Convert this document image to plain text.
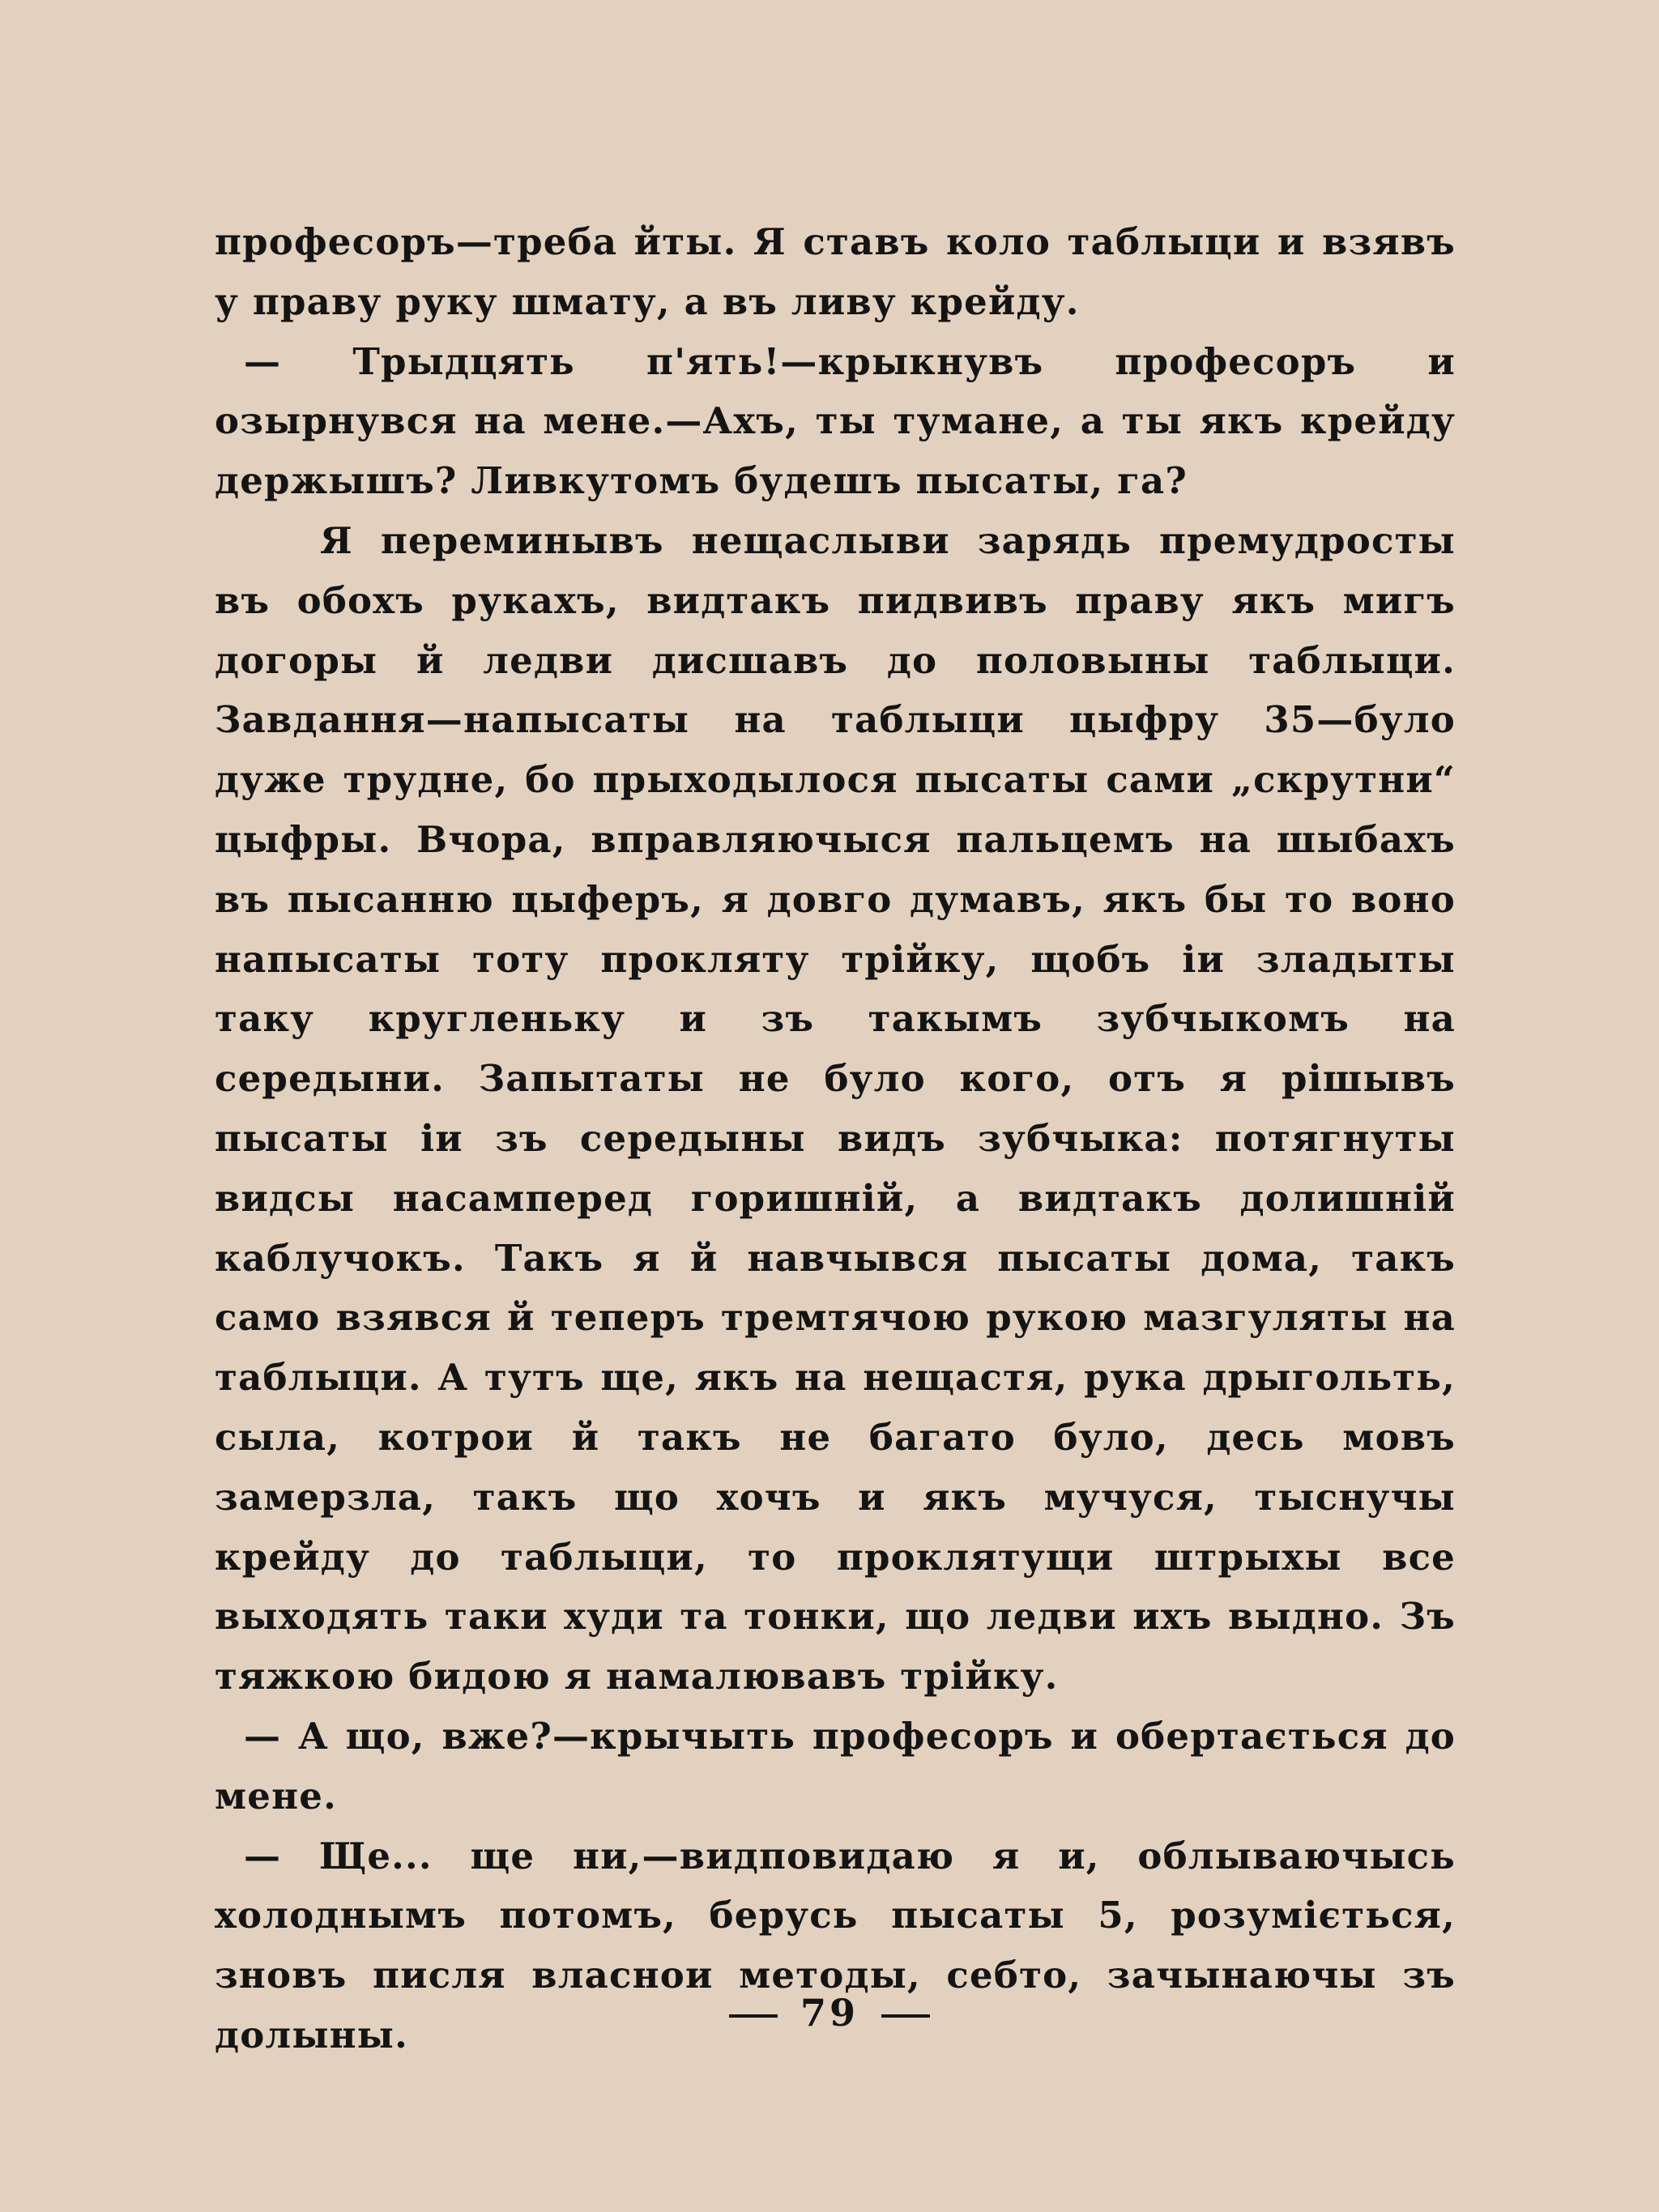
професоръ—треба йты. Я ставъ коло таблыци и взявъ у праву руку шмату, а въ ливу крейду.

— Трыдцять п'ять!—крыкнувъ професоръ и озырнувся на мене.—Ахъ, ты тумане, а ты якъ крейду держышъ? Ливкутомъ будешъ пысаты, га?

Я переминывъ нещаслыви зарядь премудросты въ обохъ рукахъ, видтакъ пидвивъ праву якъ мигъ догоры й ледви дисшавъ до половыны таблыци. Завдання—напысаты на таблыци цыфру 35—було дуже трудне, бо прыходылося пысаты сами „скрутни“ цыфры. Вчора, вправляючыся пальцемъ на шыбахъ въ пысанню цыферъ, я довго думавъ, якъ бы то воно напысаты тоту прокляту трійку, щобъ іи зладыты таку кругленьку и зъ такымъ зубчыкомъ на середыни. Запытаты не було кого, отъ я рішывъ пысаты іи зъ середыны видъ зубчыка: потягнуты видсы насамперед горишній, а видтакъ долишній каблучокъ. Такъ я й навчывся пысаты дома, такъ само взявся й теперъ тремтячою рукою мазгуляты на таблыци. А тутъ ще, якъ на нещастя, рука дрыгольть, сыла, котрои й такъ не багато було, десь мовъ замерзла, такъ що хочъ и якъ мучуся, тыснучы крейду до таблыци, то проклятущи штрыхы все выходять таки худи та тонки, що ледви ихъ выдно. Зъ тяжкою бидою я намалювавъ трійку.

— А що, вже?—крычыть професоръ и обертається до мене.

— Ще... ще ни,—видповидаю я и, облываючысь холоднымъ потомъ, берусь пысаты 5, розуміється, зновъ писля власнои методы, себто, зачынаючы зъ долыны.

79
